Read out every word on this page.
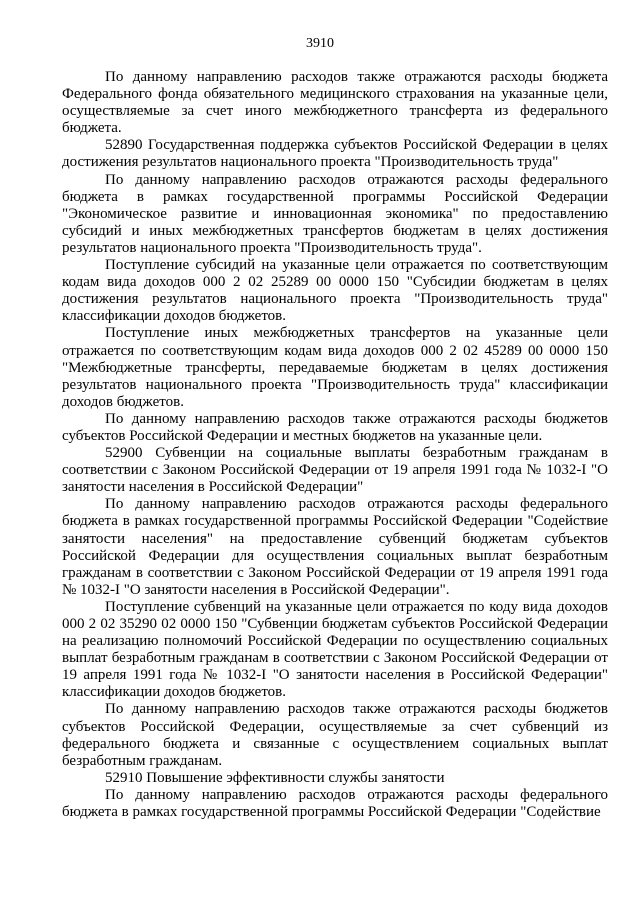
3910

По данному направлению расходов также отражаются расходы бюджета Федерального фонда обязательного медицинского страхования на указанные цели, осуществляемые за счет иного межбюджетного трансферта из федерального бюджета.

52890 Государственная поддержка субъектов Российской Федерации в целях достижения результатов национального проекта "Производительность труда"

По данному направлению расходов отражаются расходы федерального бюджета в рамках государственной программы Российской Федерации "Экономическое развитие и инновационная экономика" по предоставлению субсидий и иных межбюджетных трансфертов бюджетам в целях достижения результатов национального проекта "Производительность труда".

Поступление субсидий на указанные цели отражается по соответствующим кодам вида доходов 000 2 02 25289 00 0000 150 "Субсидии бюджетам в целях достижения результатов национального проекта "Производительность труда" классификации доходов бюджетов.

Поступление иных межбюджетных трансфертов на указанные цели отражается по соответствующим кодам вида доходов 000 2 02 45289 00 0000 150 "Межбюджетные трансферты, передаваемые бюджетам в целях достижения результатов национального проекта "Производительность труда" классификации доходов бюджетов.

По данному направлению расходов также отражаются расходы бюджетов субъектов Российской Федерации и местных бюджетов на указанные цели.

52900 Субвенции на социальные выплаты безработным гражданам в соответствии с Законом Российской Федерации от 19 апреля 1991 года № 1032-I "О занятости населения в Российской Федерации"

По данному направлению расходов отражаются расходы федерального бюджета в рамках государственной программы Российской Федерации "Содействие занятости населения" на предоставление субвенций бюджетам субъектов Российской Федерации для осуществления социальных выплат безработным гражданам в соответствии с Законом Российской Федерации от 19 апреля 1991 года № 1032-I "О занятости населения в Российской Федерации".

Поступление субвенций на указанные цели отражается по коду вида доходов 000 2 02 35290 02 0000 150 "Субвенции бюджетам субъектов Российской Федерации на реализацию полномочий Российской Федерации по осуществлению социальных выплат безработным гражданам в соответствии с Законом Российской Федерации от 19 апреля 1991 года № 1032-I "О занятости населения в Российской Федерации" классификации доходов бюджетов.

По данному направлению расходов также отражаются расходы бюджетов субъектов Российской Федерации, осуществляемые за счет субвенций из федерального бюджета и связанные с осуществлением социальных выплат безработным гражданам.

52910 Повышение эффективности службы занятости

По данному направлению расходов отражаются расходы федерального бюджета в рамках государственной программы Российской Федерации "Содействие
